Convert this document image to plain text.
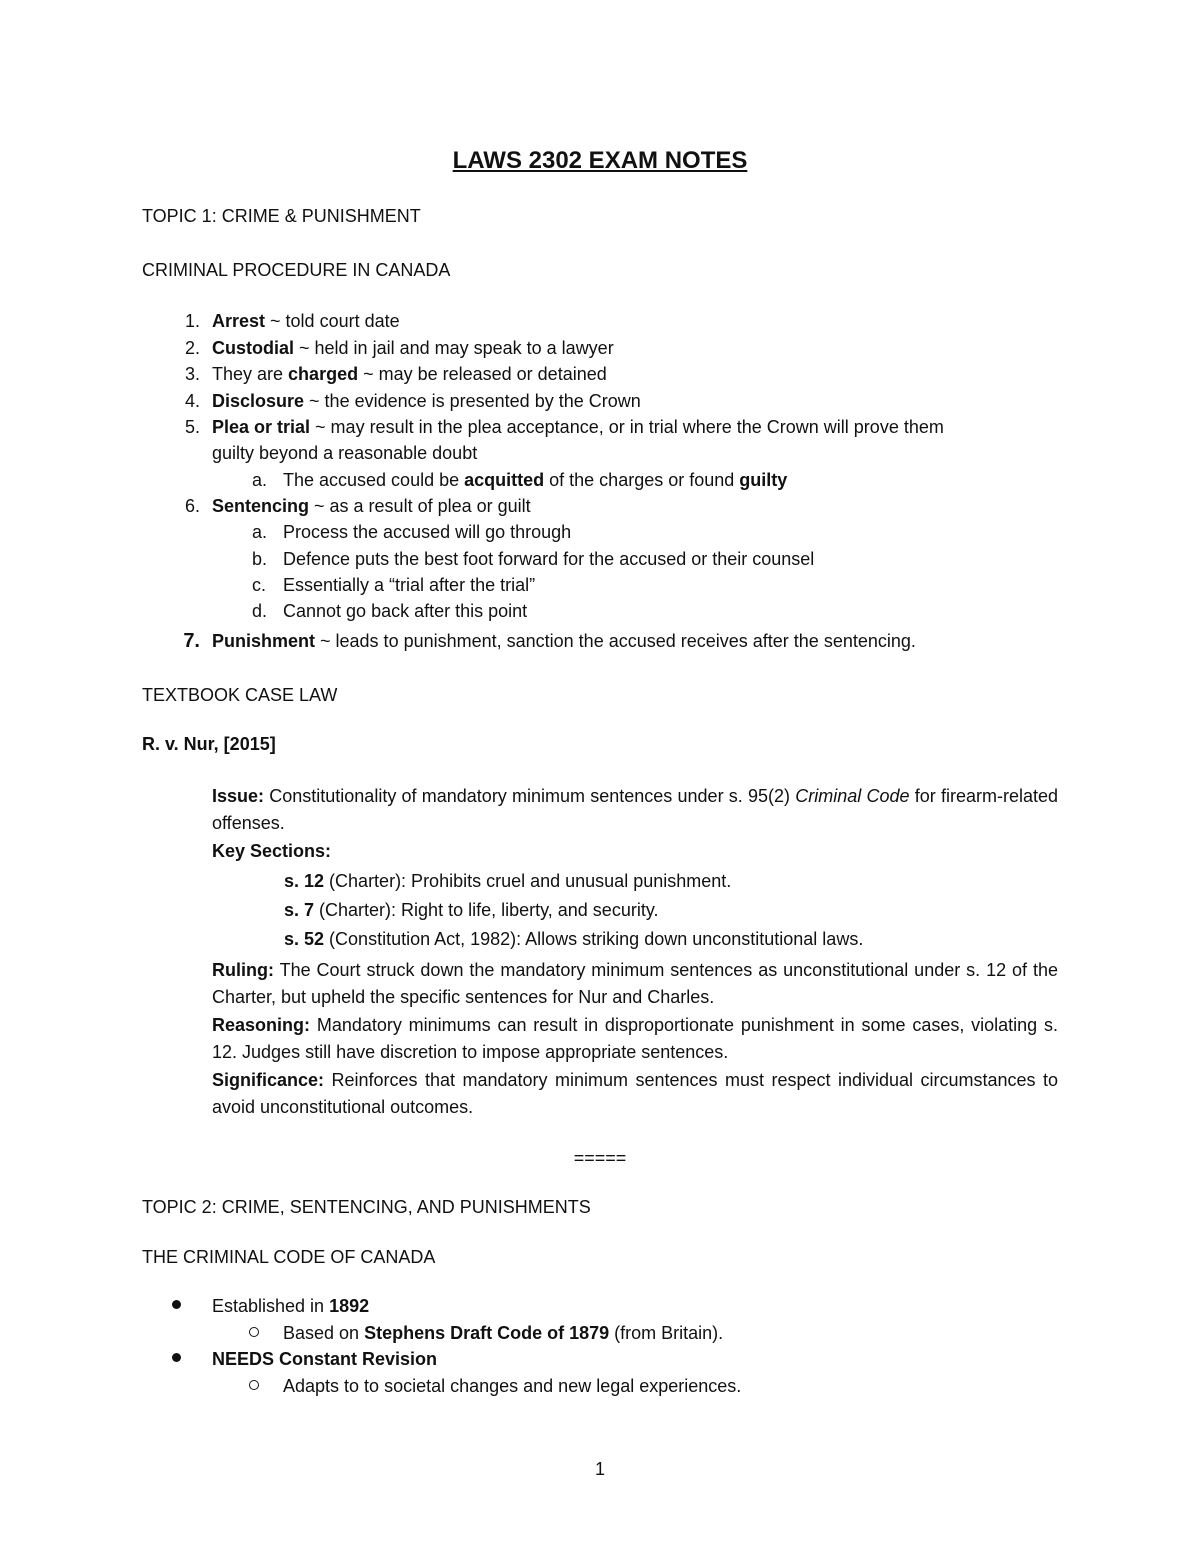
LAWS 2302 EXAM NOTES
TOPIC 1: CRIME & PUNISHMENT
CRIMINAL PROCEDURE IN CANADA
1. Arrest ~ told court date
2. Custodial ~ held in jail and may speak to a lawyer
3. They are charged ~ may be released or detained
4. Disclosure ~ the evidence is presented by the Crown
5. Plea or trial ~ may result in the plea acceptance, or in trial where the Crown will prove them
guilty beyond a reasonable doubt
a. The accused could be acquitted of the charges or found guilty
6. Sentencing ~ as a result of plea or guilt
a. Process the accused will go through
b. Defence puts the best foot forward for the accused or their counsel
c. Essentially a “trial after the trial”
d. Cannot go back after this point
7. Punishment ~ leads to punishment, sanction the accused receives after the sentencing.
TEXTBOOK CASE LAW
R. v. Nur, [2015]
Issue: Constitutionality of mandatory minimum sentences under s. 95(2) Criminal Code for firearm-related offenses.
Key Sections:
s. 12 (Charter): Prohibits cruel and unusual punishment.
s. 7 (Charter): Right to life, liberty, and security.
s. 52 (Constitution Act, 1982): Allows striking down unconstitutional laws.
Ruling: The Court struck down the mandatory minimum sentences as unconstitutional under s. 12 of the Charter, but upheld the specific sentences for Nur and Charles.
Reasoning: Mandatory minimums can result in disproportionate punishment in some cases, violating s. 12. Judges still have discretion to impose appropriate sentences.
Significance: Reinforces that mandatory minimum sentences must respect individual circumstances to avoid unconstitutional outcomes.
=====
TOPIC 2: CRIME, SENTENCING, AND PUNISHMENTS
THE CRIMINAL CODE OF CANADA
Established in 1892
Based on Stephens Draft Code of 1879 (from Britain).
NEEDS Constant Revision
Adapts to to societal changes and new legal experiences.
1
